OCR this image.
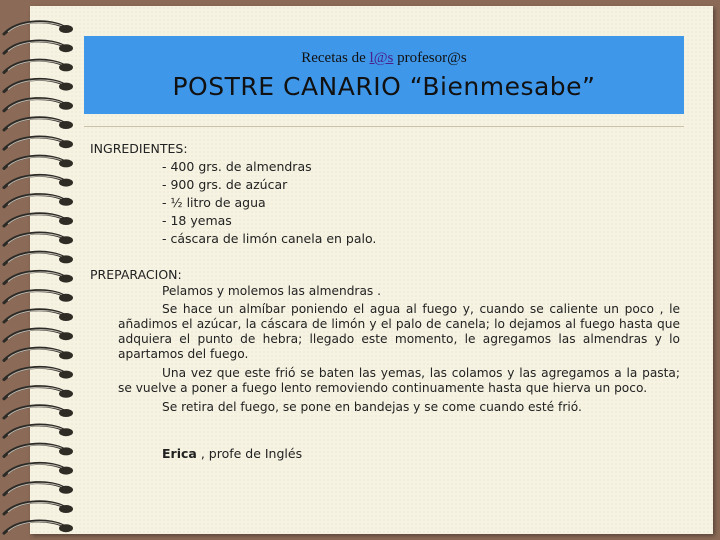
Recetas de l@s profesor@s
POSTRE CANARIO “Bienmesabe”
INGREDIENTES:
- 400 grs. de almendras
- 900 grs. de azúcar
- ½ litro de agua
- 18 yemas
- cáscara de limón canela en palo.
PREPARACION:

Pelamos y molemos las almendras .

Se hace un almíbar poniendo el agua al fuego y, cuando se caliente un poco , le añadimos el azúcar, la cáscara de limón y el palo de canela; lo dejamos al fuego hasta que adquiera el punto de hebra; llegado este momento, le agregamos las almendras y lo apartamos del fuego.

Una vez que este frió se baten las yemas, las colamos y las agregamos a la pasta; se vuelve a poner a fuego lento removiendo continuamente hasta que hierva un poco.

Se retira del fuego, se pone en bandejas y se come cuando esté frió.

Erica , profe de Inglés
